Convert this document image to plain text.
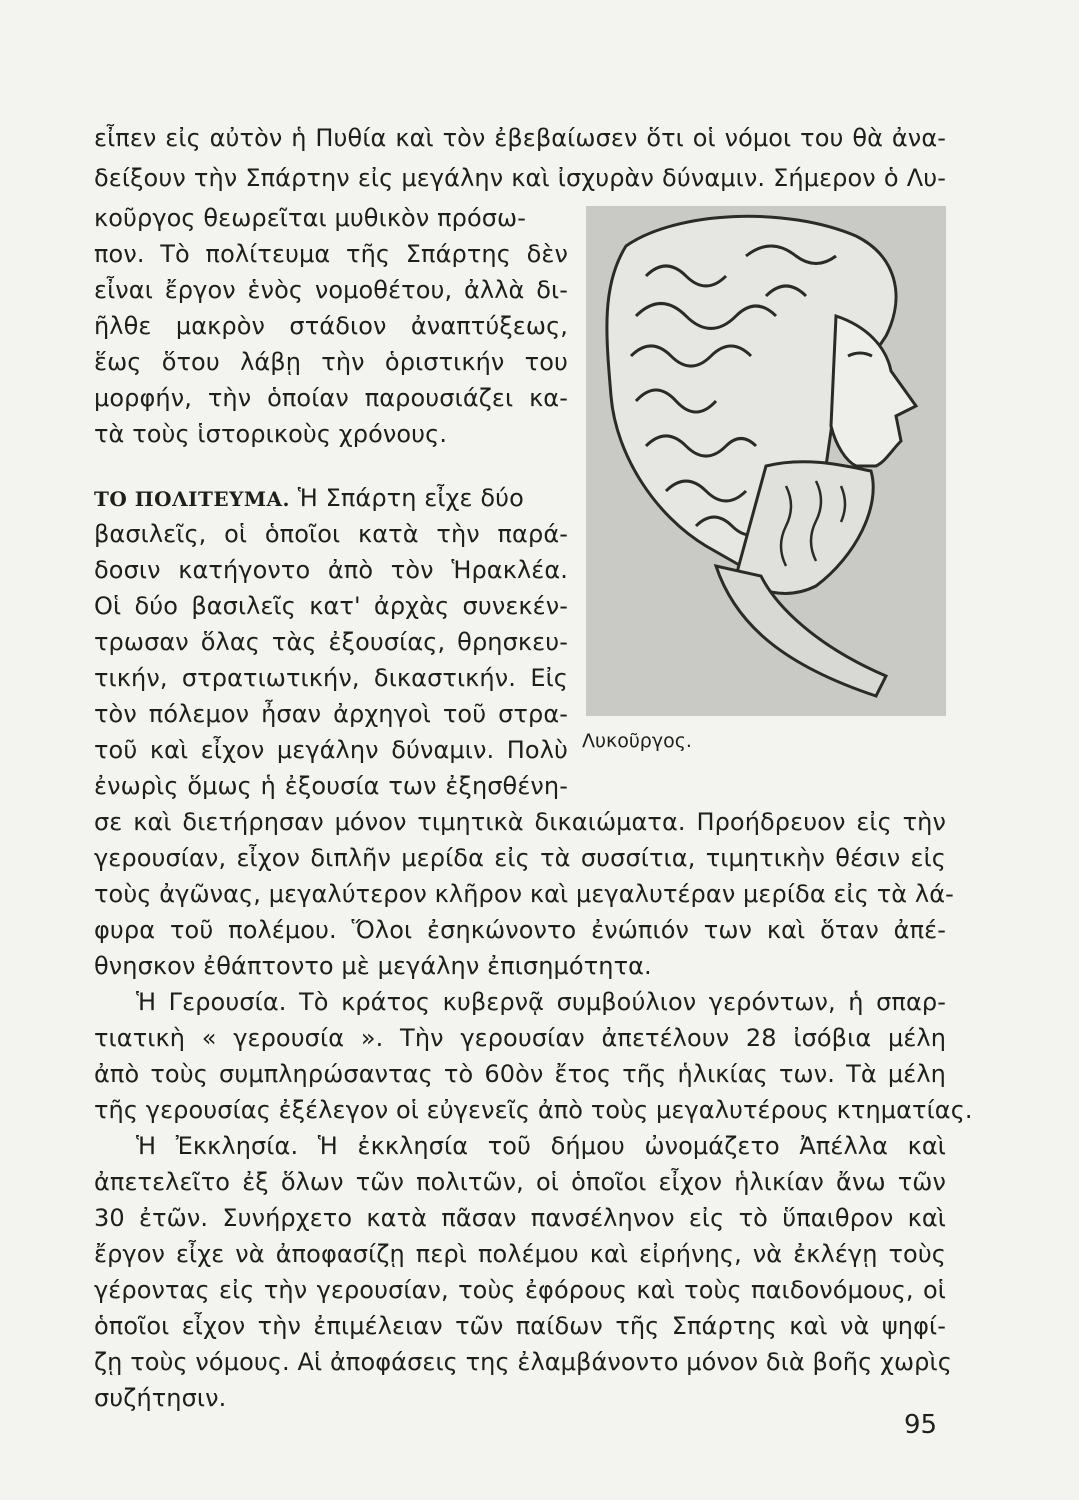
εἶπεν εἰς αὐτὸν ἡ Πυθία καὶ τὸν ἐβεβαίωσεν ὅτι οἱ νόμοι του θὰ ἀνα-
δείξουν τὴν Σπάρτην εἰς μεγάλην καὶ ἰσχυρὰν δύναμιν. Σήμερον ὁ Λυ-
κοῦργος θεωρεῖται μυθικὸν πρόσω-
πον. Τὸ πολίτευμα τῆς Σπάρτης δὲν
εἶναι ἔργον ἑνὸς νομοθέτου, ἀλλὰ δι-
ῆλθε μακρὸν στάδιον ἀναπτύξεως,
ἕως ὅτου λάβῃ τὴν ὁριστικήν του
μορφήν, τὴν ὁποίαν παρουσιάζει κα-
τὰ τοὺς ἱστορικοὺς χρόνους.
ΤΟ ΠΟΛΙΤΕΥΜΑ. Ἡ Σπάρτη εἶχε δύο
βασιλεῖς, οἱ ὁποῖοι κατὰ τὴν παρά-
δοσιν κατήγοντο ἀπὸ τὸν Ἡρακλέα.
Οἱ δύο βασιλεῖς κατ' ἀρχὰς συνεκέν-
τρωσαν ὅλας τὰς ἐξουσίας, θρησκευ-
τικήν, στρατιωτικήν, δικαστικήν. Εἰς
τὸν πόλεμον ἦσαν ἀρχηγοὶ τοῦ στρα-
τοῦ καὶ εἶχον μεγάλην δύναμιν. Πολὺ
ἐνωρὶς ὅμως ἡ ἐξουσία των ἐξησθένη-
σε καὶ διετήρησαν μόνον τιμητικὰ δικαιώματα. Προήδρευον εἰς τὴν
γερουσίαν, εἶχον διπλῆν μερίδα εἰς τὰ συσσίτια, τιμητικὴν θέσιν εἰς
τοὺς ἀγῶνας, μεγαλύτερον κλῆρον καὶ μεγαλυτέραν μερίδα εἰς τὰ λά-
φυρα τοῦ πολέμου. Ὅλοι ἐσηκώνοντο ἐνώπιόν των καὶ ὅταν ἀπέ-
θνησκον ἐθάπτοντο μὲ μεγάλην ἐπισημότητα.
Ἡ Γερουσία. Τὸ κράτος κυβερνᾷ συμβούλιον γερόντων, ἡ σπαρ-
τιατικὴ « γερουσία ». Τὴν γερουσίαν ἀπετέλουν 28 ἰσόβια μέλη
ἀπὸ τοὺς συμπληρώσαντας τὸ 60ὸν ἔτος τῆς ἡλικίας των. Τὰ μέλη
τῆς γερουσίας ἐξέλεγον οἱ εὐγενεῖς ἀπὸ τοὺς μεγαλυτέρους κτηματίας.
Ἡ Ἐκκλησία. Ἡ ἐκκλησία τοῦ δήμου ὠνομάζετο Ἀπέλλα καὶ
ἀπετελεῖτο ἐξ ὅλων τῶν πολιτῶν, οἱ ὁποῖοι εἶχον ἡλικίαν ἄνω τῶν
30 ἐτῶν. Συνήρχετο κατὰ πᾶσαν πανσέληνον εἰς τὸ ὕπαιθρον καὶ
ἔργον εἶχε νὰ ἀποφασίζῃ περὶ πολέμου καὶ εἰρήνης, νὰ ἐκλέγῃ τοὺς
γέροντας εἰς τὴν γερουσίαν, τοὺς ἐφόρους καὶ τοὺς παιδονόμους, οἱ
ὁποῖοι εἶχον τὴν ἐπιμέλειαν τῶν παίδων τῆς Σπάρτης καὶ νὰ ψηφί-
ζῃ τοὺς νόμους. Αἱ ἀποφάσεις της ἐλαμβάνοντο μόνον διὰ βοῆς χωρὶς
συζήτησιν.
Λυκοῦργος.
95
